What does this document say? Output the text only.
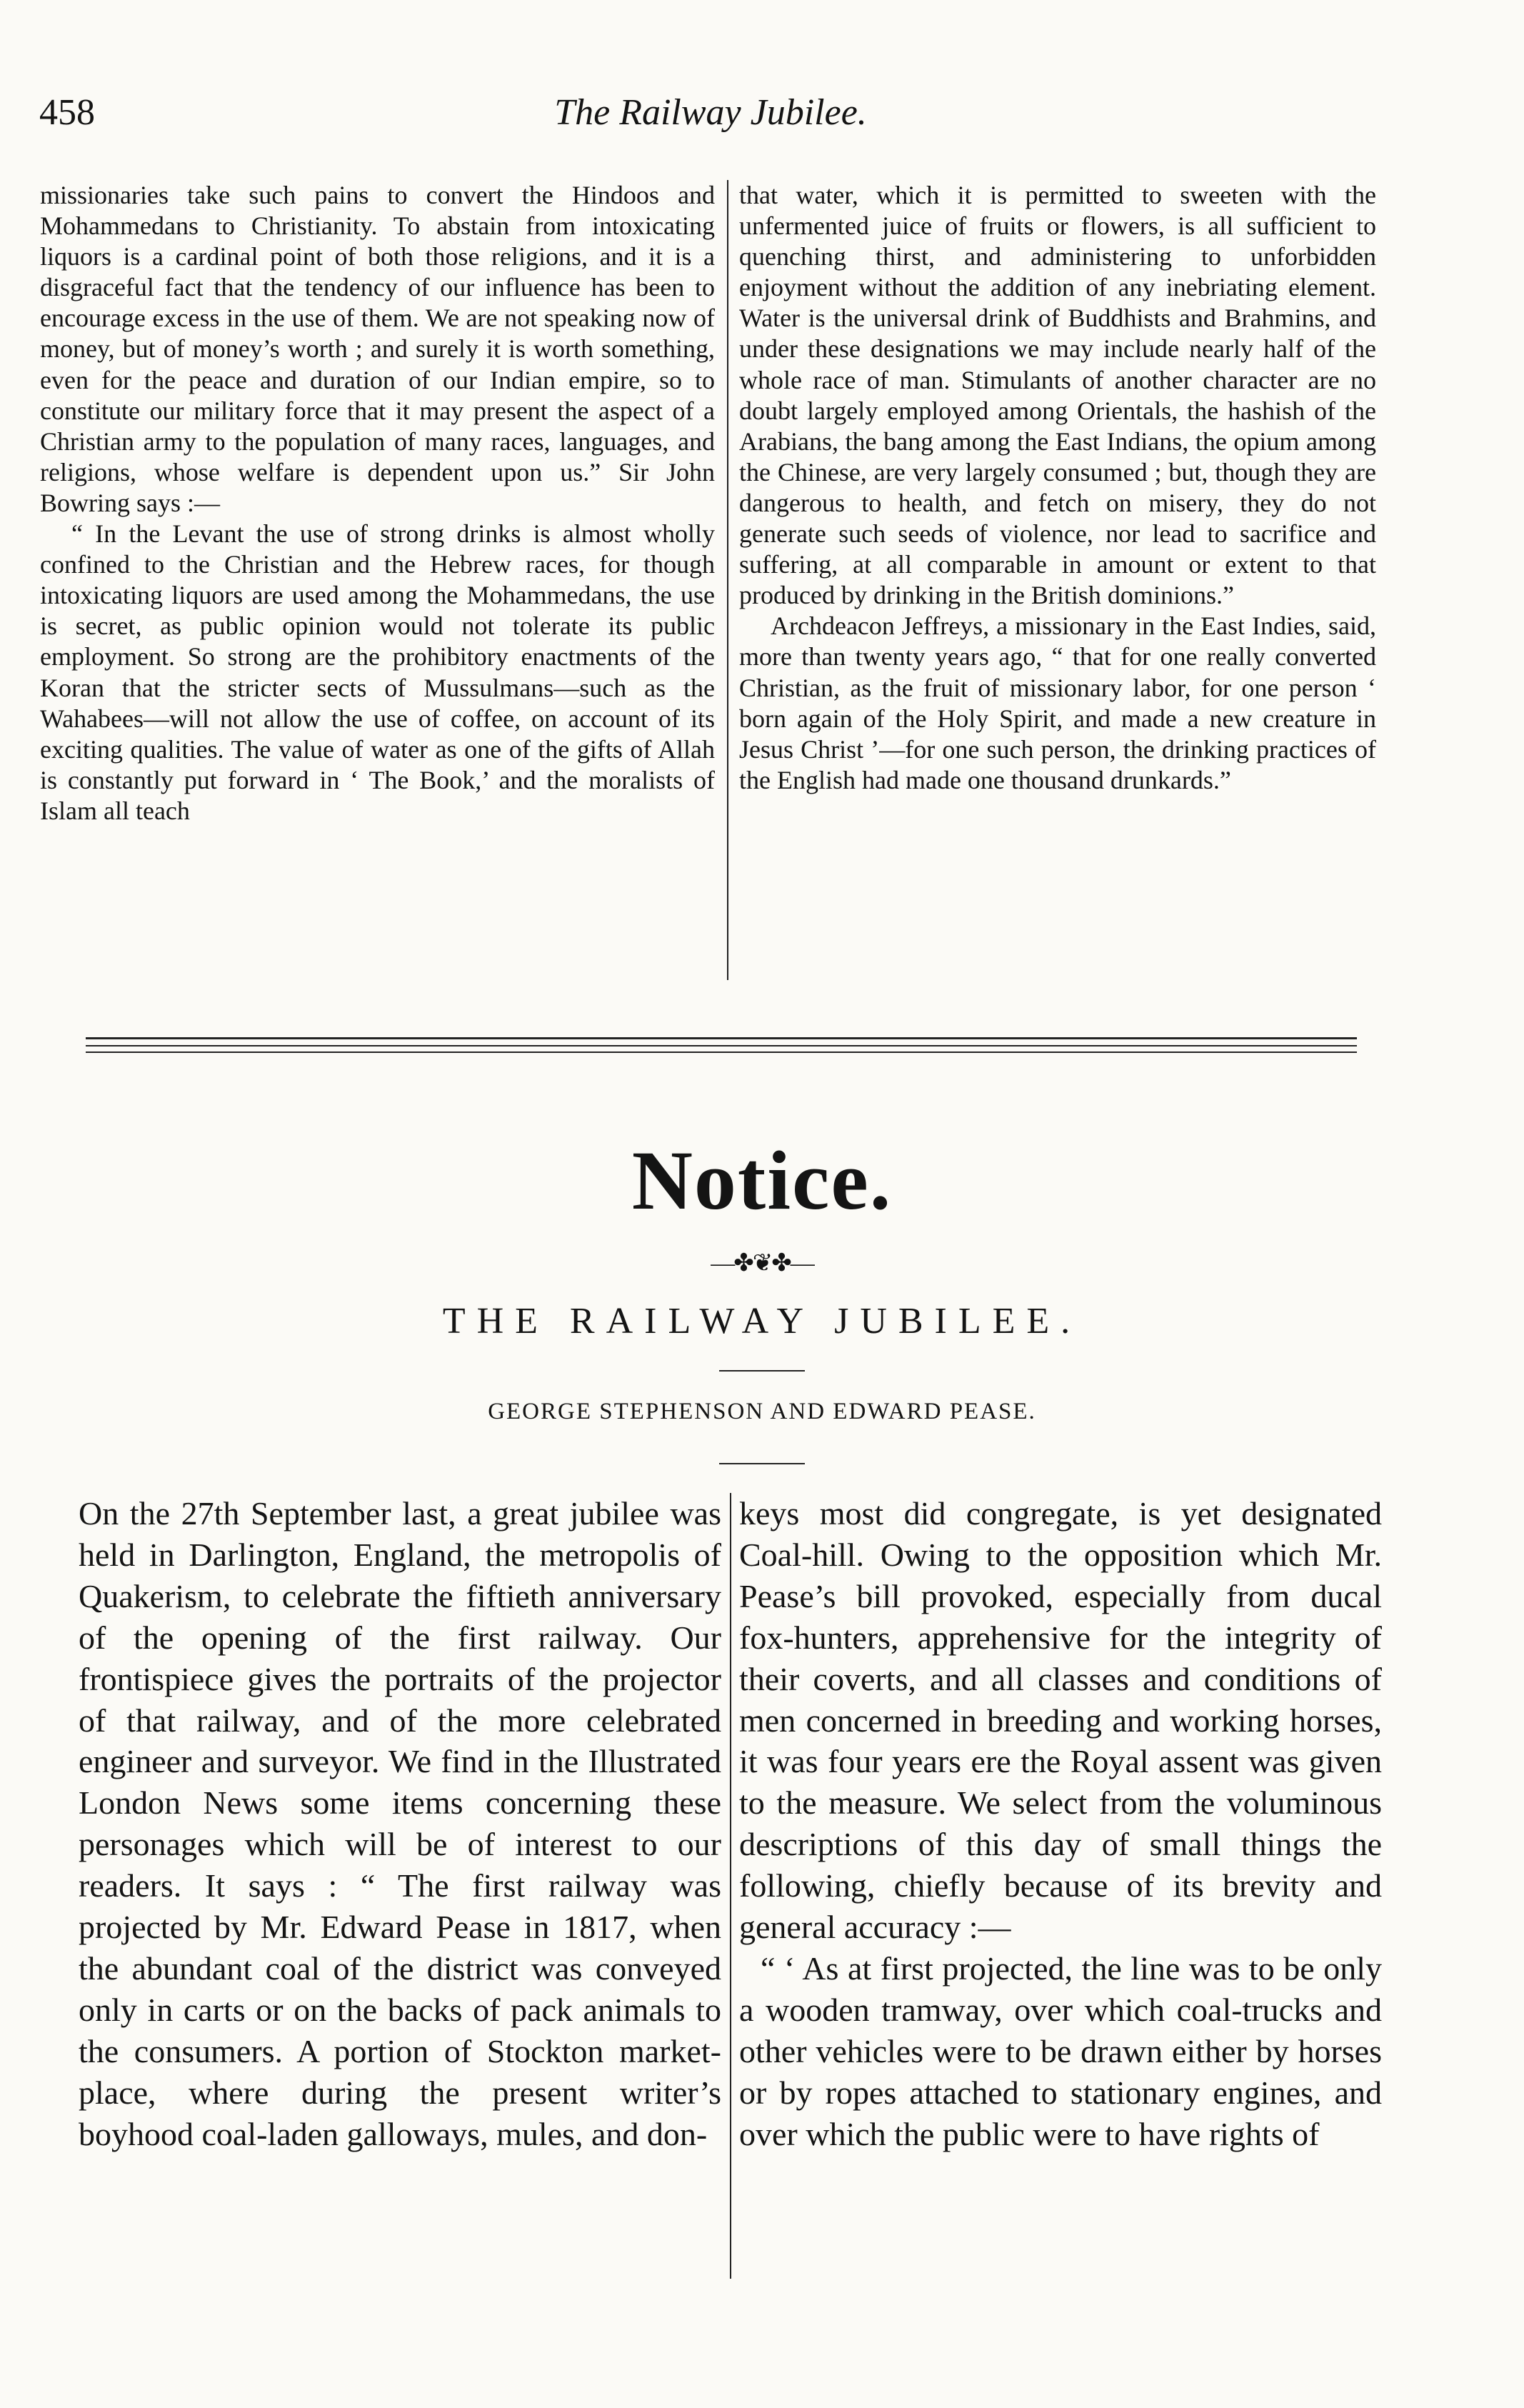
458	The Railway Jubilee.

missionaries take such pains to convert the Hindoos and Mohammedans to Christianity. To abstain from intoxicating liquors is a cardinal point of both those religions, and it is a disgraceful fact that the tendency of our influence has been to encourage excess in the use of them. We are not speaking now of money, but of money’s worth ; and surely it is worth something, even for the peace and duration of our Indian empire, so to constitute our military force that it may present the aspect of a Christian army to the population of many races, languages, and religions, whose welfare is dependent upon us.” Sir John Bowring says :—

“ In the Levant the use of strong drinks is almost wholly confined to the Christian and the Hebrew races, for though intoxicating liquors are used among the Mohammedans, the use is secret, as public opinion would not tolerate its public employment. So strong are the prohibitory enactments of the Koran that the stricter sects of Mussulmans—such as the Wahabees—will not allow the use of coffee, on account of its exciting qualities. The value of water as one of the gifts of Allah is constantly put forward in ‘ The Book,’ and the moralists of Islam all teach

that water, which it is permitted to sweeten with the unfermented juice of fruits or flowers, is all sufficient to quenching thirst, and administering to unforbidden enjoyment without the addition of any inebriating element. Water is the universal drink of Buddhists and Brahmins, and under these designations we may include nearly half of the whole race of man. Stimulants of another character are no doubt largely employed among Orientals, the hashish of the Arabians, the bang among the East Indians, the opium among the Chinese, are very largely consumed ; but, though they are dangerous to health, and fetch on misery, they do not generate such seeds of violence, nor lead to sacrifice and suffering, at all comparable in amount or extent to that produced by drinking in the British dominions.”

Archdeacon Jeffreys, a missionary in the East Indies, said, more than twenty years ago, “ that for one really converted Christian, as the fruit of missionary labor, for one person ‘ born again of the Holy Spirit, and made a new creature in Jesus Christ ’—for one such person, the drinking practices of the English had made one thousand drunkards.”

Notice.
—✤❦✤—
THE RAILWAY JUBILEE.
GEORGE STEPHENSON AND EDWARD PEASE.

On the 27th September last, a great jubilee was held in Darlington, England, the metropolis of Quakerism, to celebrate the fiftieth anniversary of the opening of the first railway. Our frontispiece gives the portraits of the projector of that railway, and of the more celebrated engineer and surveyor. We find in the Illustrated London News some items concerning these personages which will be of interest to our readers. It says : “ The first railway was projected by Mr. Edward Pease in 1817, when the abundant coal of the district was conveyed only in carts or on the backs of pack animals to the consumers. A portion of Stockton market-place, where during the present writer’s boyhood coal-laden galloways, mules, and don-

keys most did congregate, is yet designated Coal-hill. Owing to the opposition which Mr. Pease’s bill provoked, especially from ducal fox-hunters, apprehensive for the integrity of their coverts, and all classes and conditions of men concerned in breeding and working horses, it was four years ere the Royal assent was given to the measure. We select from the voluminous descriptions of this day of small things the following, chiefly because of its brevity and general accuracy :—

“ ‘ As at first projected, the line was to be only a wooden tramway, over which coal-trucks and other vehicles were to be drawn either by horses or by ropes attached to stationary engines, and over which the public were to have rights of
